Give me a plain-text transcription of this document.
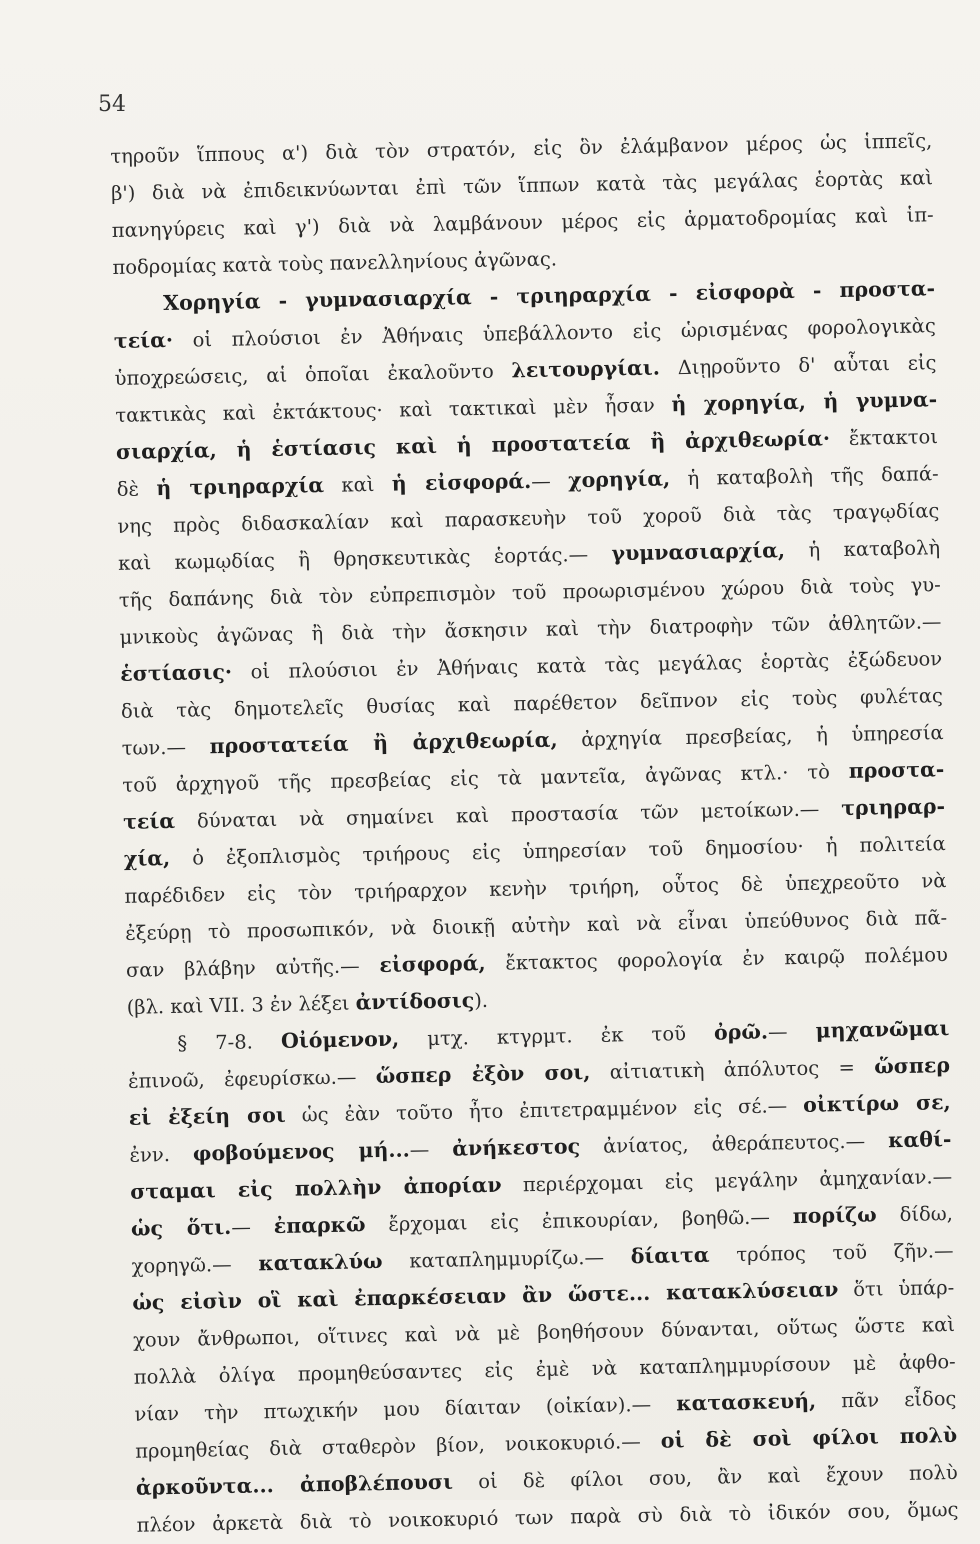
54
τηροῦν ἵππους α') διὰ τὸν στρατόν, εἰς ὃν ἐλάμβανον μέρος ὡς ἱππεῖς,
β') διὰ νὰ ἐπιδεικνύωνται ἐπὶ τῶν ἵππων κατὰ τὰς μεγάλας ἑορτὰς καὶ
πανηγύρεις καὶ γ') διὰ νὰ λαμβάνουν μέρος εἰς ἁρματοδρομίας καὶ ἱπ-
ποδρομίας κατὰ τοὺς πανελληνίους ἀγῶνας.
Χορηγία - γυμνασιαρχία - τριηραρχία - εἰσφορὰ - προστα-
τεία· οἱ πλούσιοι ἐν Ἀθήναις ὑπεβάλλοντο εἰς ὡρισμένας φορολογικὰς
ὑποχρεώσεις, αἱ ὁποῖαι ἐκαλοῦντο λειτουργίαι. Διῃροῦντο δ' αὗται εἰς
τακτικὰς καὶ ἐκτάκτους· καὶ τακτικαὶ μὲν ἦσαν ἡ χορηγία, ἡ γυμνα-
σιαρχία, ἡ ἑστίασις καὶ ἡ προστατεία ἢ ἀρχιθεωρία· ἔκτακτοι
δὲ ἡ τριηραρχία καὶ ἡ εἰσφορά.— χορηγία, ἡ καταβολὴ τῆς δαπά-
νης πρὸς διδασκαλίαν καὶ παρασκευὴν τοῦ χοροῦ διὰ τὰς τραγῳδίας
καὶ κωμῳδίας ἢ θρησκευτικὰς ἑορτάς.— γυμνασιαρχία, ἡ καταβολὴ
τῆς δαπάνης διὰ τὸν εὐπρεπισμὸν τοῦ προωρισμένου χώρου διὰ τοὺς γυ-
μνικοὺς ἀγῶνας ἢ διὰ τὴν ἄσκησιν καὶ τὴν διατροφὴν τῶν ἀθλητῶν.—
ἑστίασις· οἱ πλούσιοι ἐν Ἀθήναις κατὰ τὰς μεγάλας ἑορτὰς ἐξώδευον
διὰ τὰς δημοτελεῖς θυσίας καὶ παρέθετον δεῖπνον εἰς τοὺς φυλέτας
των.— προστατεία ἢ ἀρχιθεωρία, ἀρχηγία πρεσβείας, ἡ ὑπηρεσία
τοῦ ἀρχηγοῦ τῆς πρεσβείας εἰς τὰ μαντεῖα, ἀγῶνας κτλ.· τὸ προστα-
τεία δύναται νὰ σημαίνει καὶ προστασία τῶν μετοίκων.— τριηραρ-
χία, ὁ ἐξοπλισμὸς τριήρους εἰς ὑπηρεσίαν τοῦ δημοσίου· ἡ πολιτεία
παρέδιδεν εἰς τὸν τριήραρχον κενὴν τριήρη, οὗτος δὲ ὑπεχρεοῦτο νὰ
ἐξεύρῃ τὸ προσωπικόν, νὰ διοικῇ αὐτὴν καὶ νὰ εἶναι ὑπεύθυνος διὰ πᾶ-
σαν βλάβην αὐτῆς.— εἰσφορά, ἔκτακτος φορολογία ἐν καιρῷ πολέμου
(βλ. καὶ VII. 3 ἐν λέξει ἀντίδοσις).
§ 7-8. Οἰόμενον, μτχ. κτγρμτ. ἐκ τοῦ ὀρῶ.— μηχανῶμαι
ἐπινοῶ, ἐφευρίσκω.— ὥσπερ ἐξὸν σοι, αἰτιατικὴ ἀπόλυτος = ὥσπερ
εἰ ἐξείη σοι ὡς ἐὰν τοῦτο ἦτο ἐπιτετραμμένον εἰς σέ.— οἰκτίρω σε,
ἐνν. φοβούμενος μή...— ἀνήκεστος ἀνίατος, ἀθεράπευτος.— καθί-
σταμαι εἰς πολλὴν ἀπορίαν περιέρχομαι εἰς μεγάλην ἀμηχανίαν.—
ὡς ὅτι.— ἐπαρκῶ ἔρχομαι εἰς ἐπικουρίαν, βοηθῶ.— πορίζω δίδω,
χορηγῶ.— κατακλύω καταπλημμυρίζω.— δίαιτα τρόπος τοῦ ζῆν.—
ὡς εἰσὶν οἳ καὶ ἐπαρκέσειαν ἂν ὥστε... κατακλύσειαν ὅτι ὑπάρ-
χουν ἄνθρωποι, οἵτινες καὶ νὰ μὲ βοηθήσουν δύνανται, οὕτως ὥστε καὶ
πολλὰ ὀλίγα προμηθεύσαντες εἰς ἐμὲ νὰ καταπλημμυρίσουν μὲ ἀφθο-
νίαν τὴν πτωχικήν μου δίαιταν (οἰκίαν).— κατασκευή, πᾶν εἶδος
προμηθείας διὰ σταθερὸν βίον, νοικοκυριό.— οἱ δὲ σοὶ φίλοι πολὺ
ἀρκοῦντα... ἀποβλέπουσι οἱ δὲ φίλοι σου, ἂν καὶ ἔχουν πολὺ
πλέον ἀρκετὰ διὰ τὸ νοικοκυριό των παρὰ σὺ διὰ τὸ ἰδικόν σου, ὅμως
